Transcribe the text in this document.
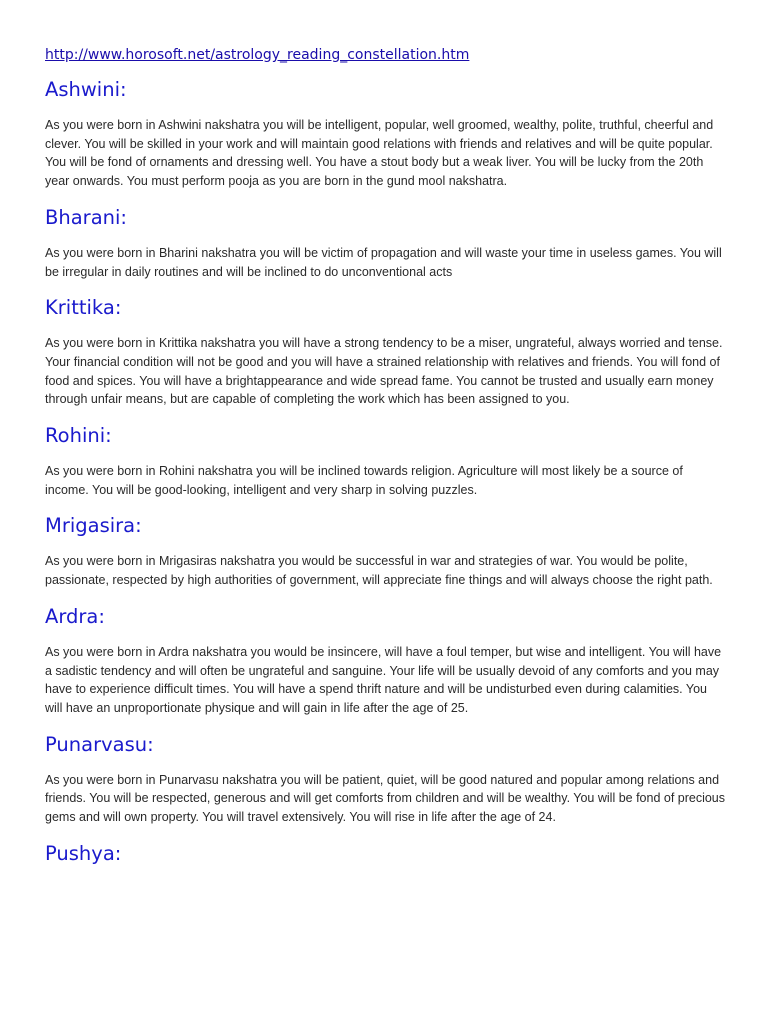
http://www.horosoft.net/astrology_reading_constellation.htm
Ashwini:

As you were born in Ashwini nakshatra you will be intelligent, popular, well groomed, wealthy, polite, truthful, cheerful and clever. You will be skilled in your work and will maintain good relations with friends and relatives and will be quite popular. You will be fond of ornaments and dressing well. You have a stout body but a weak liver. You will be lucky from the 20th year onwards. You must perform pooja as you are born in the gund mool nakshatra.

Bharani:

As you were born in Bharini nakshatra you will be victim of propagation and will waste your time in useless games. You will be irregular in daily routines and will be inclined to do unconventional acts

Krittika:

As you were born in Krittika nakshatra you will have a strong tendency to be a miser, ungrateful, always worried and tense. Your financial condition will not be good and you will have a strained relationship with relatives and friends. You will fond of food and spices. You will have a brightappearance and wide spread fame. You cannot be trusted and usually earn money through unfair means, but are capable of completing the work which has been assigned to you.

Rohini:

As you were born in Rohini nakshatra you will be inclined towards religion. Agriculture will most likely be a source of income. You will be good-looking, intelligent and very sharp in solving puzzles.

Mrigasira:

As you were born in Mrigasiras nakshatra you would be successful in war and strategies of war. You would be polite, passionate, respected by high authorities of government, will appreciate fine things and will always choose the right path.

Ardra:

As you were born in Ardra nakshatra you would be insincere, will have a foul temper, but wise and intelligent. You will have a sadistic tendency and will often be ungrateful and sanguine. Your life will be usually devoid of any comforts and you may have to experience difficult times. You will have a spend thrift nature and will be undisturbed even during calamities. You will have an unproportionate physique and will gain in life after the age of 25.

Punarvasu:

As you were born in Punarvasu nakshatra you will be patient, quiet, will be good natured and popular among relations and friends. You will be respected, generous and will get comforts from children and will be wealthy. You will be fond of precious gems and will own property. You will travel extensively. You will rise in life after the age of 24.

Pushya:
